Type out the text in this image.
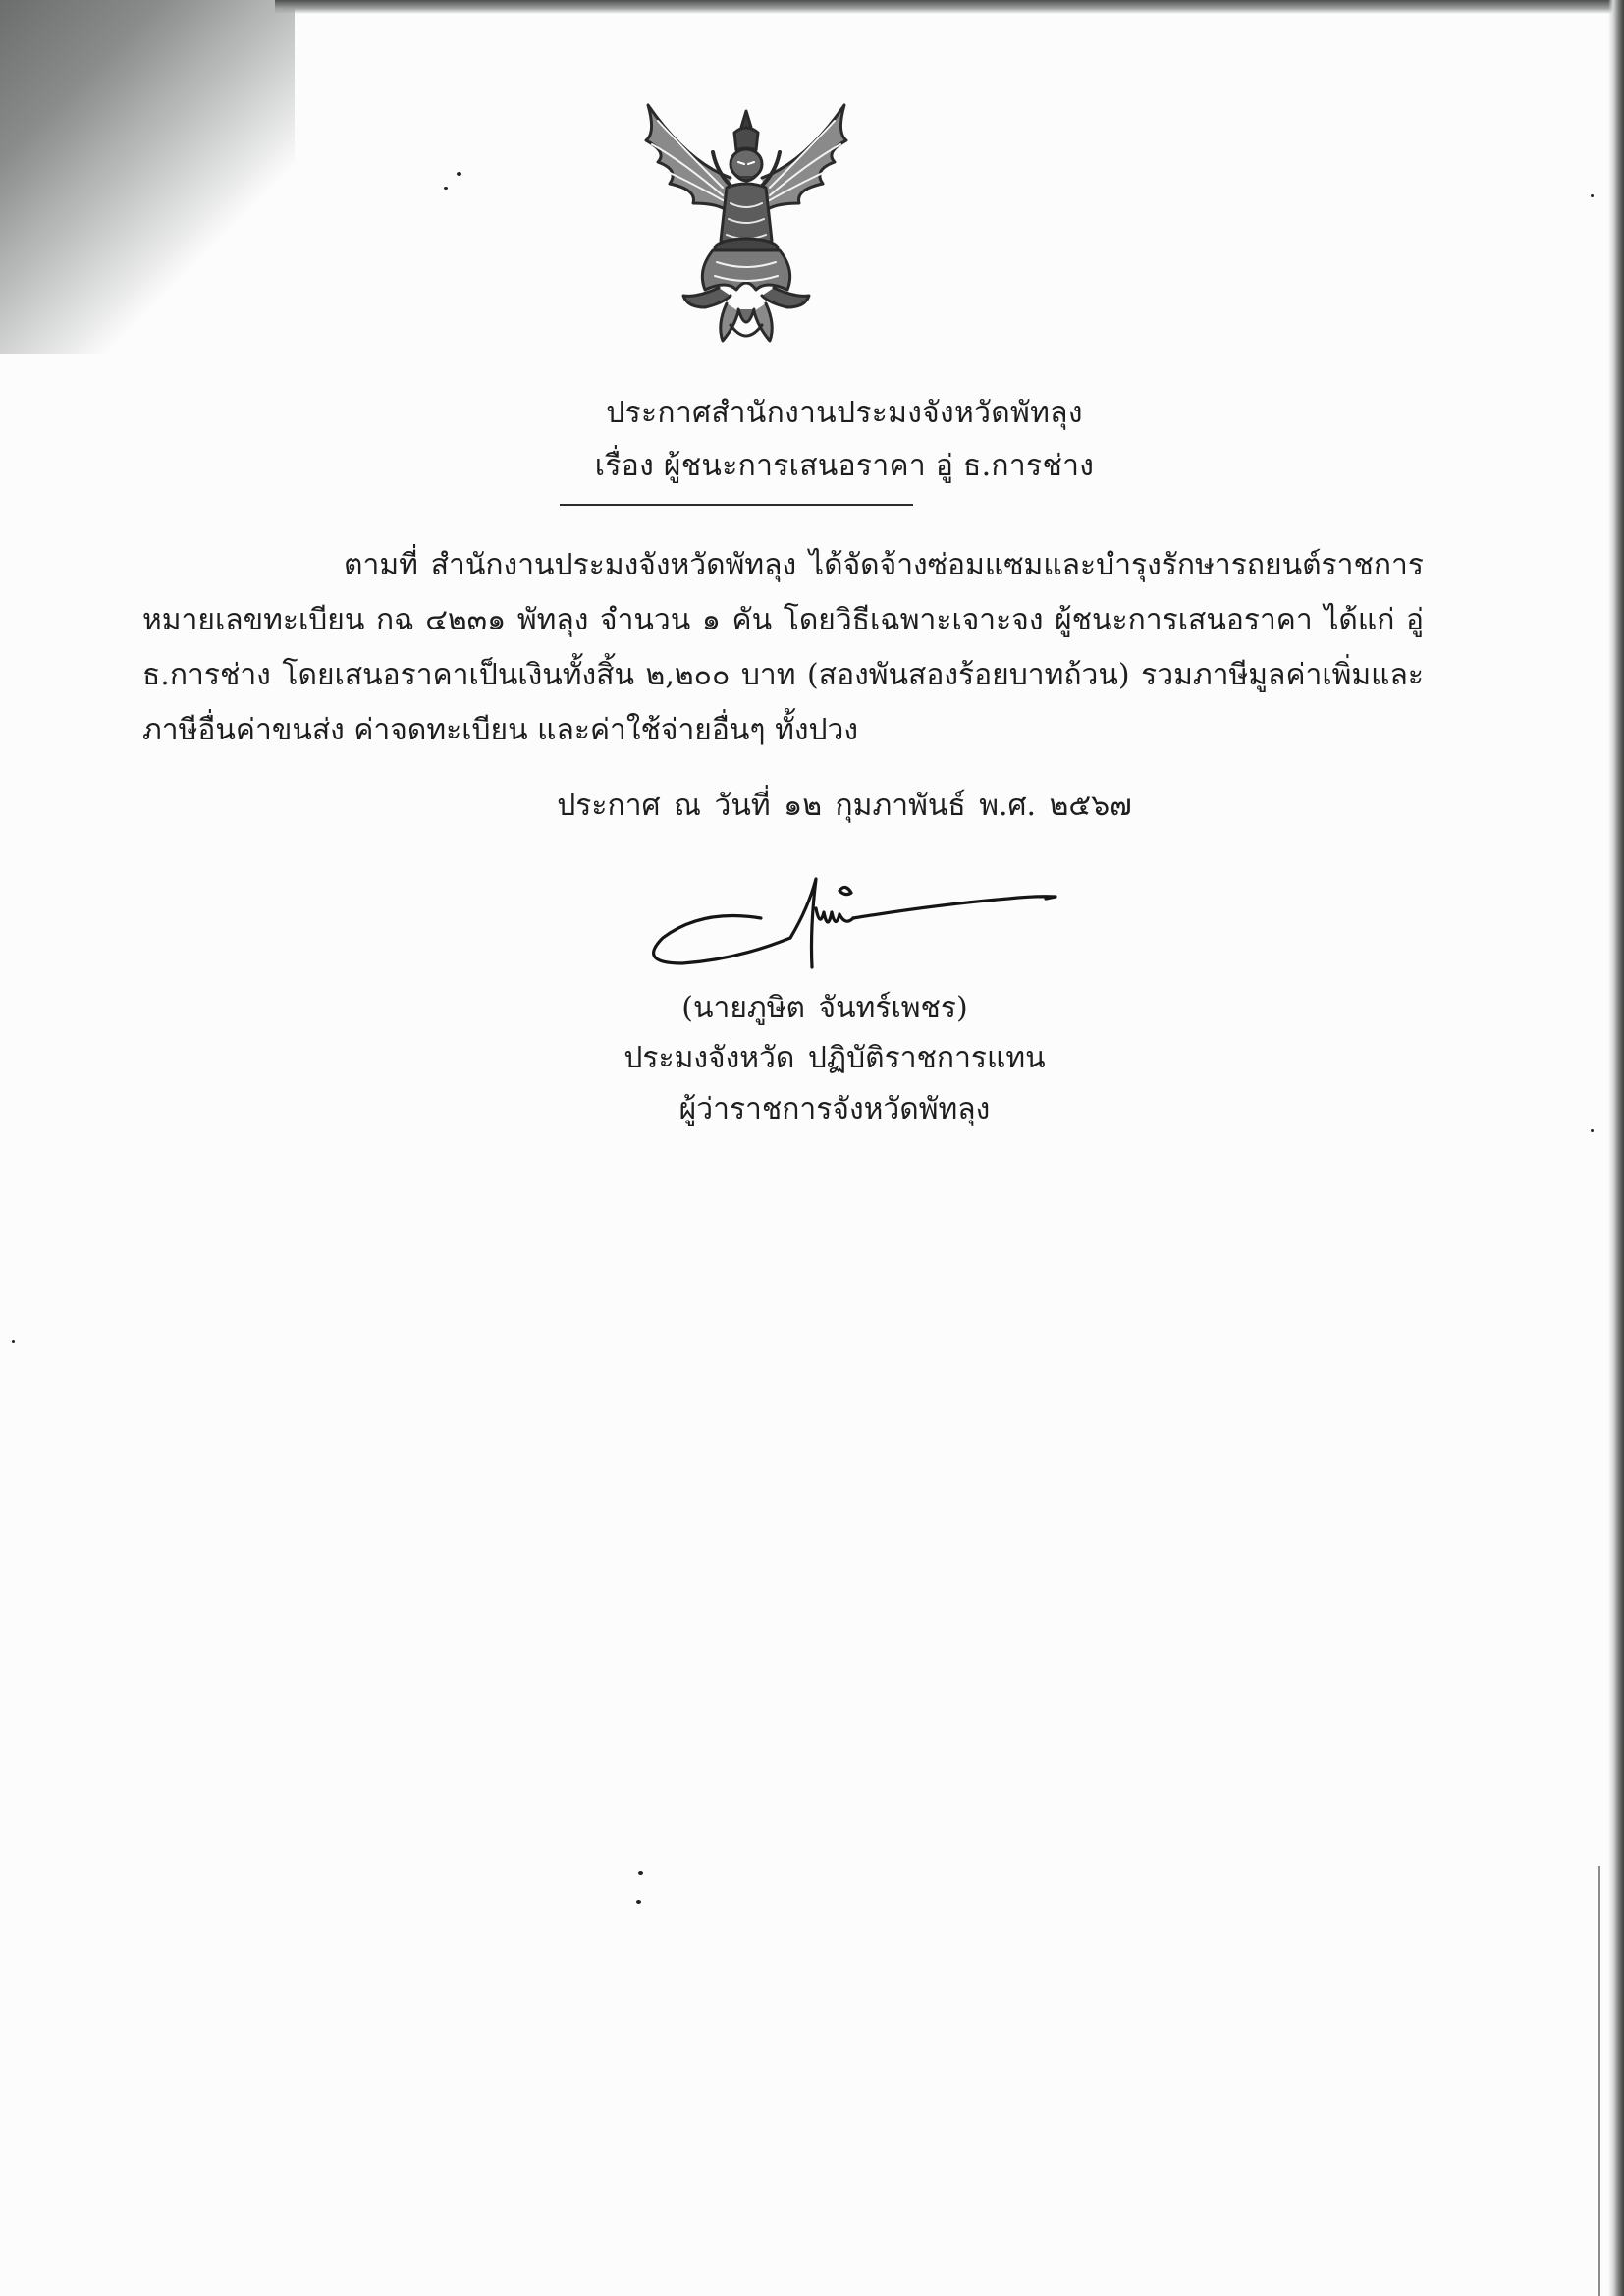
ประกาศสำนักงานประมงจังหวัดพัทลุง
เรื่อง ผู้ชนะการเสนอราคา อู่ ธ.การช่าง
ตามที่ สำนักงานประมงจังหวัดพัทลุง ได้จัดจ้างซ่อมแซมและบำรุงรักษารถยนต์ราชการ หมายเลขทะเบียน กฉ ๔๒๓๑ พัทลุง จำนวน ๑ คัน โดยวิธีเฉพาะเจาะจง ผู้ชนะการเสนอราคา ได้แก่ อู่ ธ.การช่าง โดยเสนอราคาเป็นเงินทั้งสิ้น ๒,๒๐๐ บาท (สองพันสองร้อยบาทถ้วน) รวมภาษีมูลค่าเพิ่มและภาษีอื่นค่าขนส่ง ค่าจดทะเบียน และค่าใช้จ่ายอื่นๆ ทั้งปวง
ประกาศ ณ วันที่ ๑๒ กุมภาพันธ์ พ.ศ. ๒๕๖๗
(นายภูษิต จันทร์เพชร)
ประมงจังหวัด ปฏิบัติราชการแทน
ผู้ว่าราชการจังหวัดพัทลุง
